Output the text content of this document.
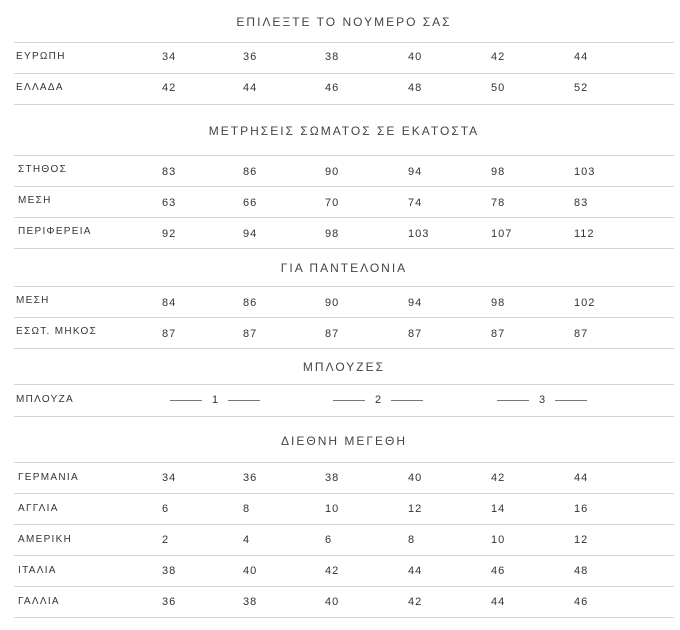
ΕΠΙΛΕΞΤΕ ΤΟ ΝΟΥΜΕΡΟ ΣΑΣ
ΕΥΡΩΠΗ	34	36	38	40	42	44
ΕΛΛΑΔΑ	42	44	46	48	50	52
ΜΕΤΡΗΣΕΙΣ ΣΩΜΑΤΟΣ ΣΕ ΕΚΑΤΟΣΤΑ
ΣΤΗΘΟΣ	83	86	90	94	98	103
ΜΕΣΗ	63	66	70	74	78	83
ΠΕΡΙΦΕΡΕΙΑ	92	94	98	103	107	112
ΓΙΑ ΠΑΝΤΕΛΟΝΙΑ
ΜΕΣΗ	84	86	90	94	98	102
ΕΣΩΤ. ΜΗΚΟΣ	87	87	87	87	87	87
ΜΠΛΟΥΖΕΣ
ΜΠΛΟΥΖΑ	1	2	3
ΔΙΕΘΝΗ ΜΕΓΕΘΗ
ΓΕΡΜΑΝΙΑ	34	36	38	40	42	44
ΑΓΓΛΙΑ	6	8	10	12	14	16
ΑΜΕΡΙΚΗ	2	4	6	8	10	12
ΙΤΑΛΙΑ	38	40	42	44	46	48
ΓΑΛΛΙΑ	36	38	40	42	44	46
